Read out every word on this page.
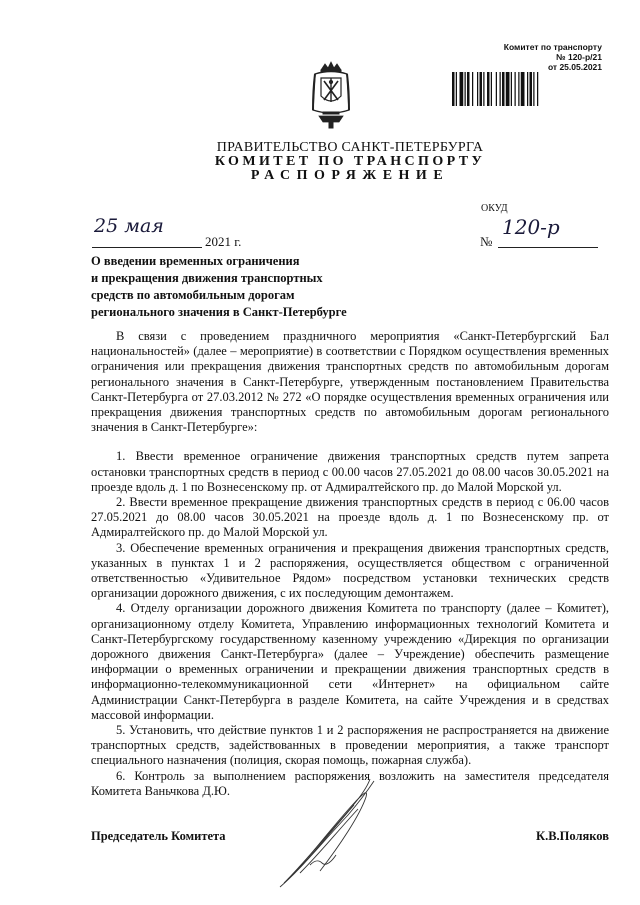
Комитет по транспорту
№ 120-р/21
от 25.05.2021
ПРАВИТЕЛЬСТВО САНКТ-ПЕТЕРБУРГА
КОМИТЕТ ПО ТРАНСПОРТУ
РАСПОРЯЖЕНИЕ
ОКУД
25 мая
2021 г.	№
120-р
О введении временных ограничения
и прекращения движения транспортных
средств по автомобильным дорогам
регионального значения в Санкт-Петербурге

В связи с проведением праздничного мероприятия «Санкт-Петербургский Бал национальностей» (далее – мероприятие) в соответствии с Порядком осуществления временных ограничения или прекращения движения транспортных средств по автомобильным дорогам регионального значения в Санкт-Петербурге, утвержденным постановлением Правительства Санкт-Петербурга от 27.03.2012 № 272 «О порядке осуществления временных ограничения или прекращения движения транспортных средств по автомобильным дорогам регионального значения в Санкт-Петербурге»:

1. Ввести временное ограничение движения транспортных средств путем запрета остановки транспортных средств в период с 00.00 часов 27.05.2021 до 08.00 часов 30.05.2021 на проезде вдоль д. 1 по Вознесенскому пр. от Адмиралтейского пр. до Малой Морской ул.

2. Ввести временное прекращение движения транспортных средств в период с 06.00 часов 27.05.2021 до 08.00 часов 30.05.2021 на проезде вдоль д. 1 по Вознесенскому пр. от Адмиралтейского пр. до Малой Морской ул.

3. Обеспечение временных ограничения и прекращения движения транспортных средств, указанных в пунктах 1 и 2 распоряжения, осуществляется обществом с ограниченной ответственностью «Удивительное Рядом» посредством установки технических средств организации дорожного движения, с их последующим демонтажем.

4. Отделу организации дорожного движения Комитета по транспорту (далее – Комитет), организационному отделу Комитета, Управлению информационных технологий Комитета и Санкт-Петербургскому государственному казенному учреждению «Дирекция по организации дорожного движения Санкт-Петербурга» (далее – Учреждение) обеспечить размещение информации о временных ограничении и прекращении движения транспортных средств в информационно-телекоммуникационной сети «Интернет» на официальном сайте Администрации Санкт-Петербурга в разделе Комитета, на сайте Учреждения и в средствах массовой информации.

5. Установить, что действие пунктов 1 и 2 распоряжения не распространяется на движение транспортных средств, задействованных в проведении мероприятия, а также транспорт специального назначения (полиция, скорая помощь, пожарная служба).

6. Контроль за выполнением распоряжения возложить на заместителя председателя Комитета Ваньчкова Д.Ю.

Председатель Комитета	К.В.Поляков
